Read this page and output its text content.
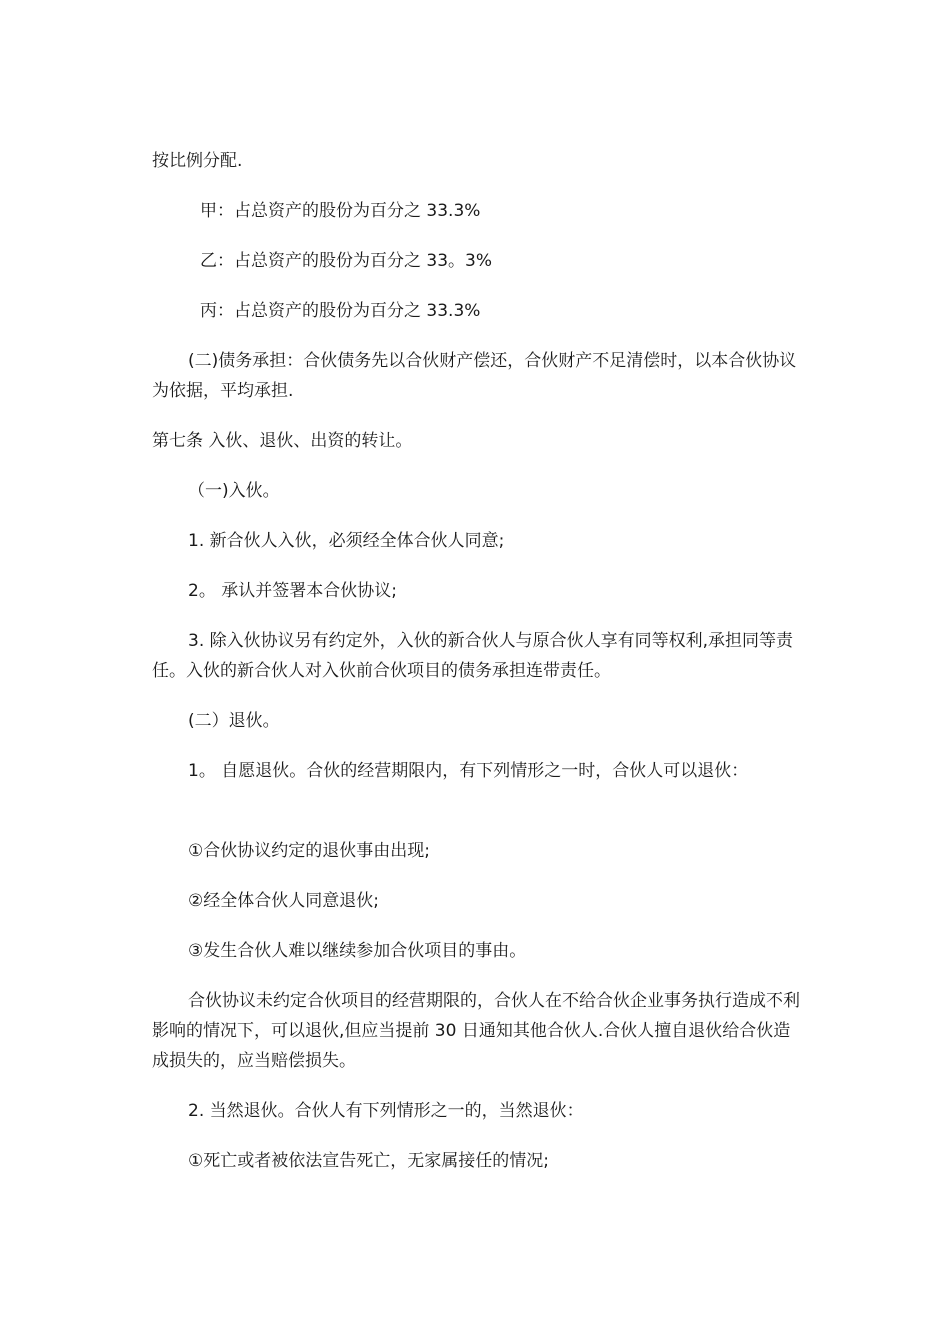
按比例分配.

甲：占总资产的股份为百分之 33.3%

乙：占总资产的股份为百分之 33。3%

丙：占总资产的股份为百分之 33.3%

(二)债务承担：合伙债务先以合伙财产偿还，合伙财产不足清偿时，以本合伙协议为依据，平均承担.

第七条 入伙、退伙、出资的转让。

（一)入伙。

1. 新合伙人入伙，必须经全体合伙人同意;

2。 承认并签署本合伙协议;

3. 除入伙协议另有约定外，入伙的新合伙人与原合伙人享有同等权利,承担同等责任。入伙的新合伙人对入伙前合伙项目的债务承担连带责任。

(二）退伙。

1。 自愿退伙。合伙的经营期限内，有下列情形之一时，合伙人可以退伙：

①合伙协议约定的退伙事由出现;

②经全体合伙人同意退伙;

③发生合伙人难以继续参加合伙项目的事由。

合伙协议未约定合伙项目的经营期限的，合伙人在不给合伙企业事务执行造成不利影响的情况下，可以退伙,但应当提前 30 日通知其他合伙人.合伙人擅自退伙给合伙造成损失的，应当赔偿损失。

2. 当然退伙。合伙人有下列情形之一的，当然退伙：

①死亡或者被依法宣告死亡，无家属接任的情况;
